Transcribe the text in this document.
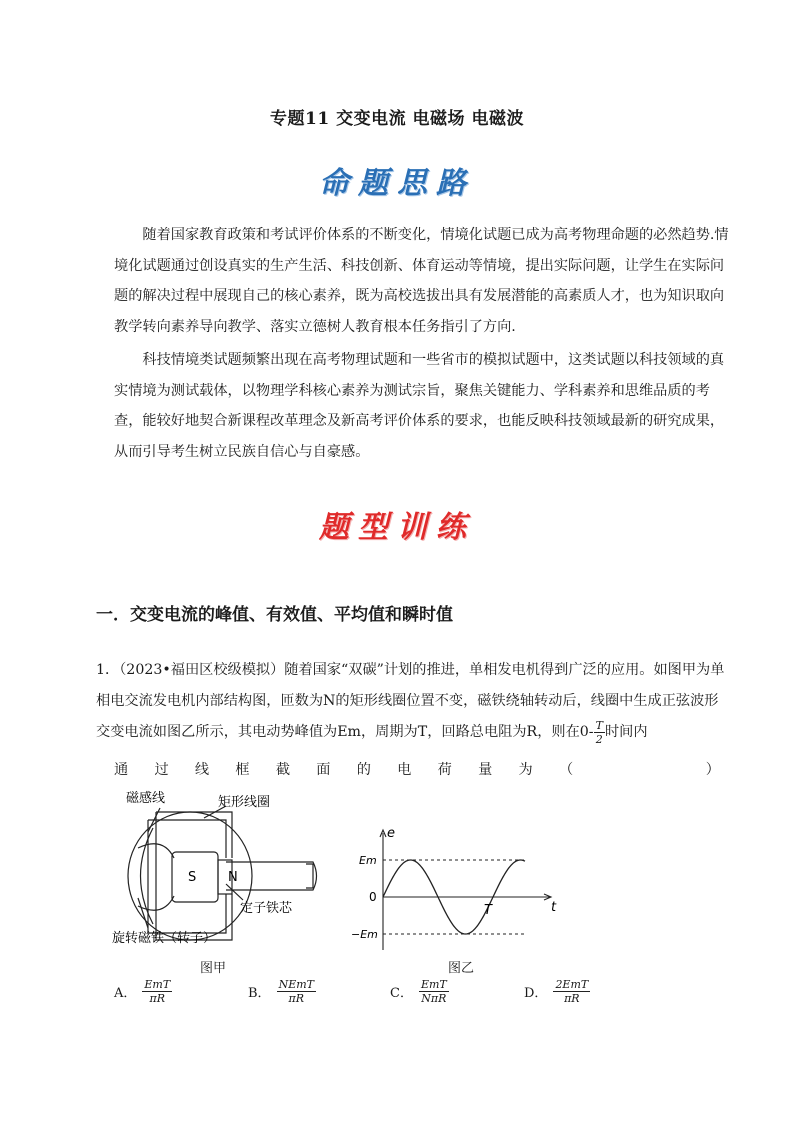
专题11 交变电流 电磁场 电磁波
命题思路

随着国家教育政策和考试评价体系的不断变化，情境化试题已成为高考物理命题的必然趋势.情境化试题通过创设真实的生产生活、科技创新、体育运动等情境，提出实际问题，让学生在实际问题的解决过程中展现自己的核心素养，既为高校选拔出具有发展潜能的高素质人才，也为知识取向教学转向素养导向教学、落实立德树人教育根本任务指引了方向.

科技情境类试题频繁出现在高考物理试题和一些省市的模拟试题中，这类试题以科技领域的真实情境为测试载体，以物理学科核心素养为测试宗旨，聚焦关键能力、学科素养和思维品质的考查，能较好地契合新课程改革理念及新高考评价体系的要求，也能反映科技领域最新的研究成果，从而引导考生树立民族自信心与自豪感。

题型训练
一．交变电流的峰值、有效值、平均值和瞬时值
1．（2023•福田区校级模拟）随着国家“双碳”计划的推进，单相发电机得到广泛的应用。如图甲为单相电交流发电机内部结构图，匝数为N的矩形线圈位置不变，磁铁绕轴转动后，线圈中生成正弦波形交变电流如图乙所示，其电动势峰值为Em，周期为T，回路总电阻为R，则在$0- \frac{T}{2}$ 时间内
通 过 线 框 截 面 的 电 荷 量 为 （	）
磁感线	矩形线圈
S N
定子铁芯
旋转磁铁（转子）
图甲
e
t
Em
0
−Em
T
图乙
A． $\frac{\text{EmT}}{\pi R}$	B． $\frac{\text{NEmT}}{\pi R}$	C． $\frac{\text{EmT}}{\text{NπR}}$	D． $\frac{\text{2EmT}}{\pi R}$
